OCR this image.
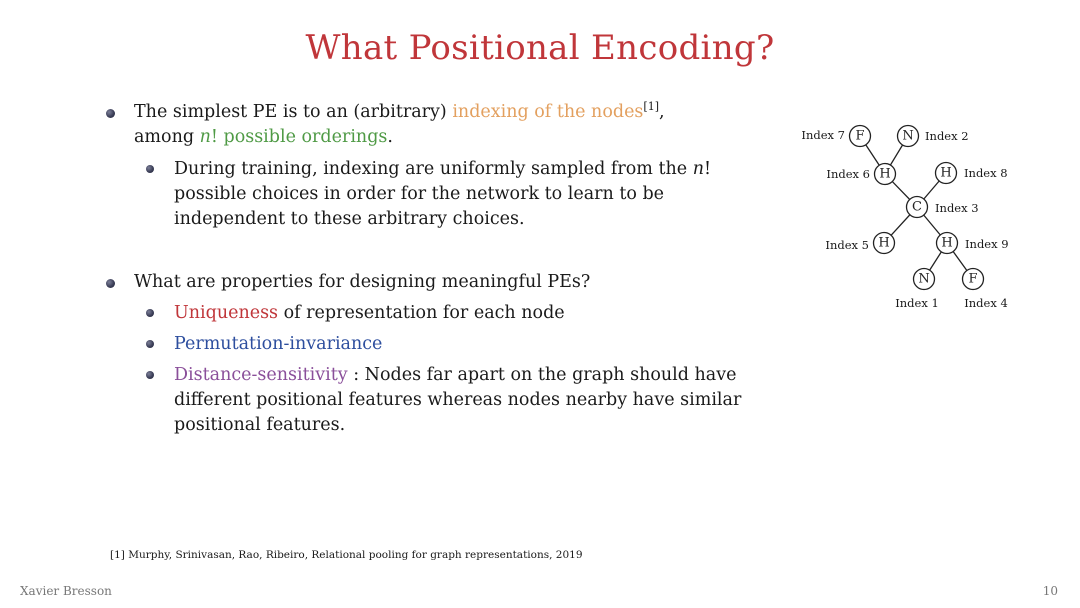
What Positional Encoding?
The simplest PE is to an (arbitrary) indexing of the nodes[1],
among n! possible orderings.
During training, indexing are uniformly sampled from the n! possible choices in order for the network to learn to be independent to these arbitrary choices.
What are properties for designing meaningful PEs?
Uniqueness of representation for each node
Permutation-invariance
Distance-sensitivity : Nodes far apart on the graph should have different positional features whereas nodes nearby have similar positional features.
F	N
H	H
C
H	H
N	F
Index 7	Index 2
Index 6	Index 8
Index 3
Index 5	Index 9
Index 1 Index 4
[1] Murphy, Srinivasan, Rao, Ribeiro, Relational pooling for graph representations, 2019
Xavier Bresson	10
